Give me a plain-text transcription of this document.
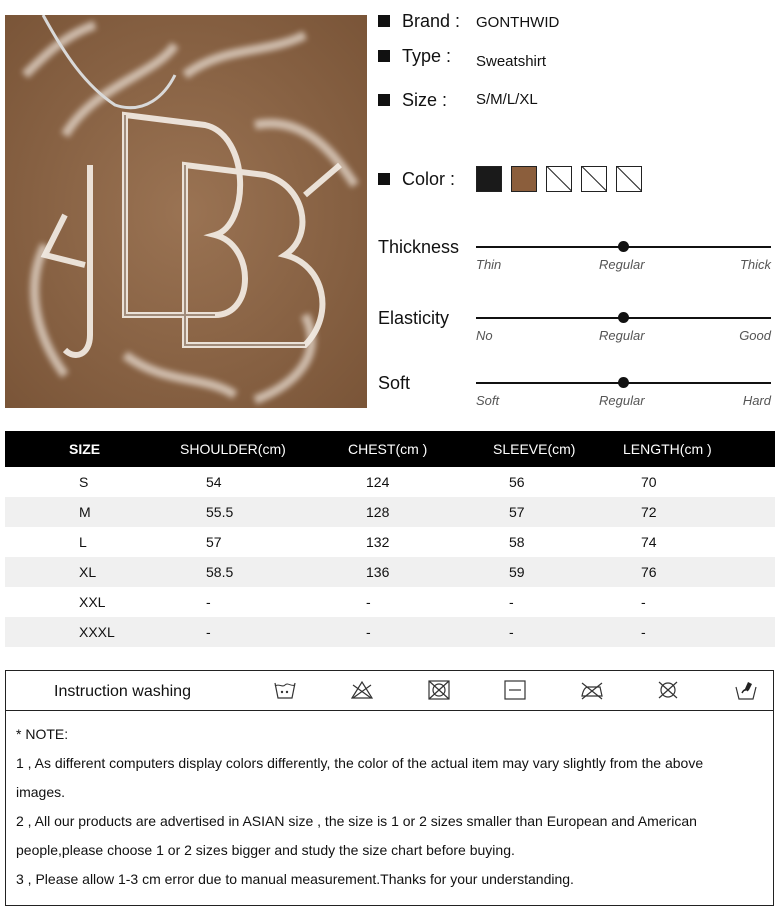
Brand : GONTHWID
Type : Sweatshirt
Size : S/M/L/XL
Color :
Thickness
Thin	Regular	Thick
Elasticity
No	Regular	Good
Soft
Soft	Regular	Hard
SIZE	SHOULDER(cm)	CHEST(cm )	SLEEVE(cm)	LENGTH(cm )
S	54	124	56	70
M	55.5	128	57	72
L	57	132	58	74
XL	58.5	136	59	76
XXL	-	-	-	-
XXXL	-	-	-	-
Instruction washing
* NOTE:
1 , As different computers display colors differently, the color of the actual item may vary slightly from the above
images.
2 , All our products are advertised in ASIAN size , the size is 1 or 2 sizes smaller than European and American
people,please choose 1 or 2 sizes bigger and study the size chart before buying.
3 , Please allow 1-3 cm error due to manual measurement.Thanks for your understanding.
